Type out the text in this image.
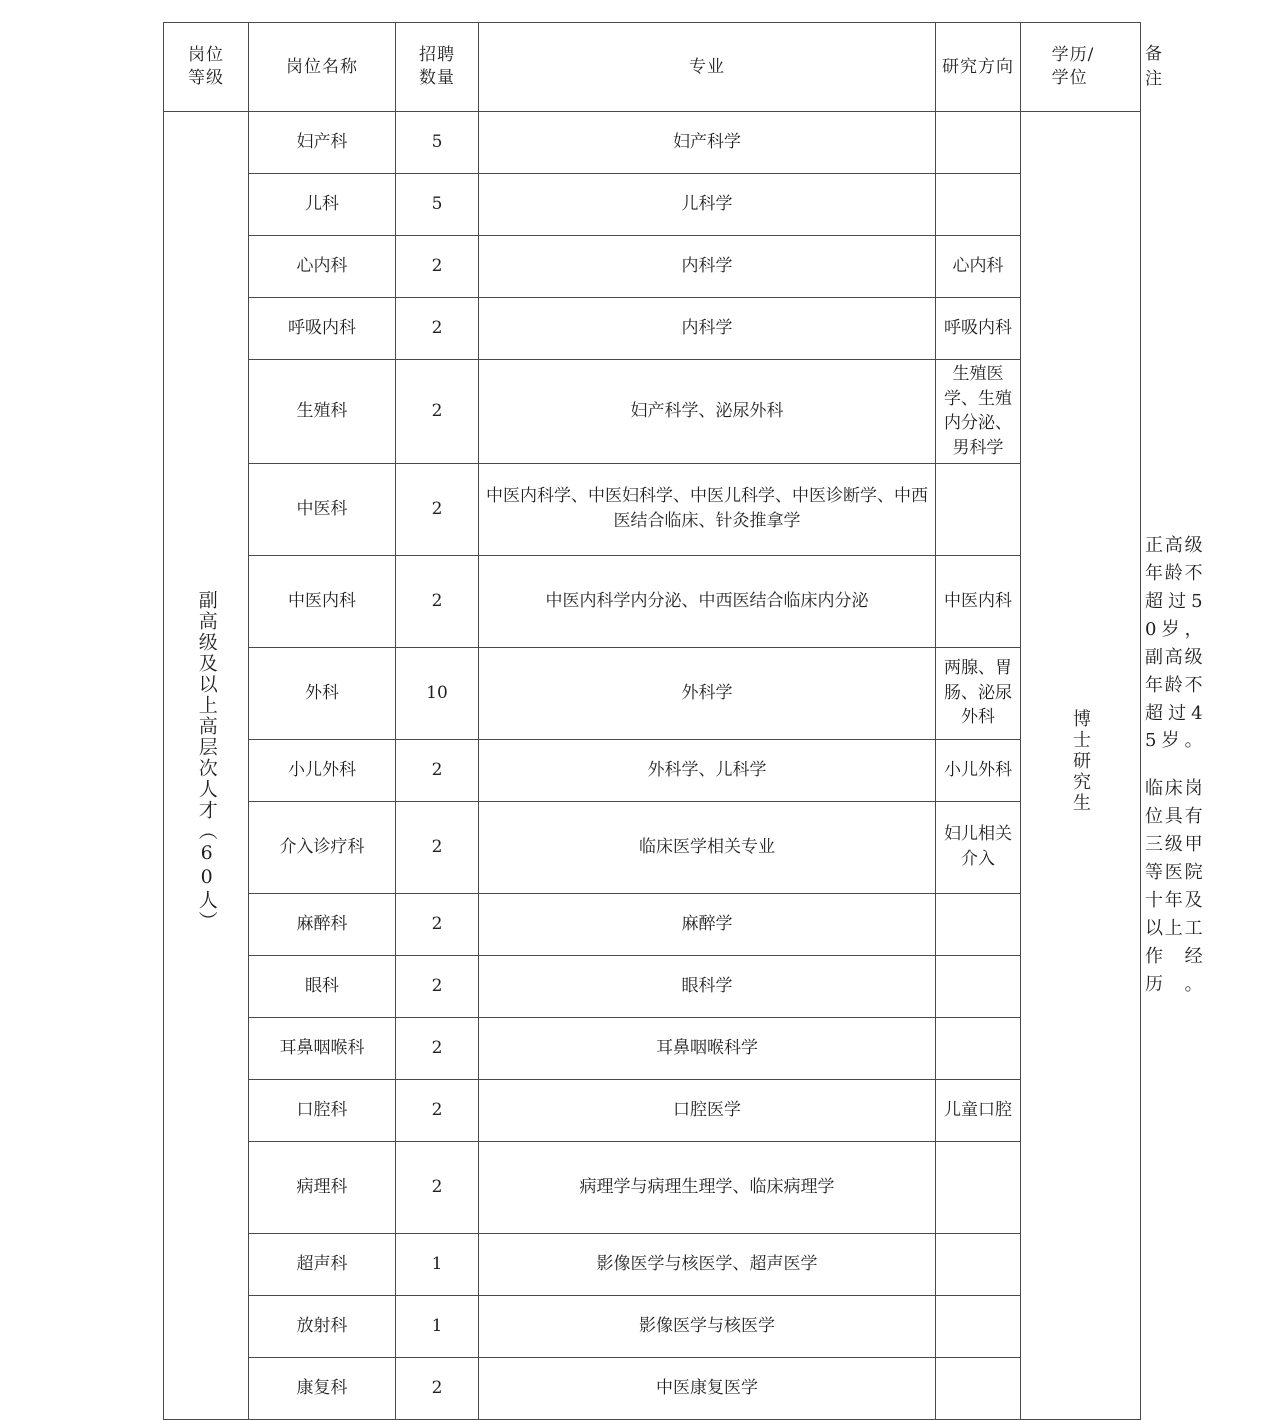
岗位等级	岗位名称	招聘数量	专业	研究方向	学历/学位	备注
副高级及以上高层次人才（60人）	妇产科	5	妇产科学		博士研究生	正高级年龄不超过50岁，副高级年龄不超过45岁。
临床岗位具有三级甲等医院十年及以上工作经历。

	儿科	5	儿科学			
	心内科	2	内科学	心内科		
	呼吸内科	2	内科学	呼吸内科		
	生殖科	2	妇产科学、泌尿外科	生殖医学、生殖内分泌、男科学		
	中医科	2	中医内科学、中医妇科学、中医儿科学、中医诊断学、中西医结合临床、针灸推拿学			
	中医内科	2	中医内科学内分泌、中西医结合临床内分泌	中医内科		
	外科	10	外科学	两腺、胃肠、泌尿外科		
	小儿外科	2	外科学、儿科学	小儿外科		
	介入诊疗科	2	临床医学相关专业	妇儿相关介入		
	麻醉科	2	麻醉学			
	眼科	2	眼科学			
	耳鼻咽喉科	2	耳鼻咽喉科学			
	口腔科	2	口腔医学	儿童口腔		
	病理科	2	病理学与病理生理学、临床病理学			
	超声科	1	影像医学与核医学、超声医学			
	放射科	1	影像医学与核医学			
	康复科	2	中医康复医学			
